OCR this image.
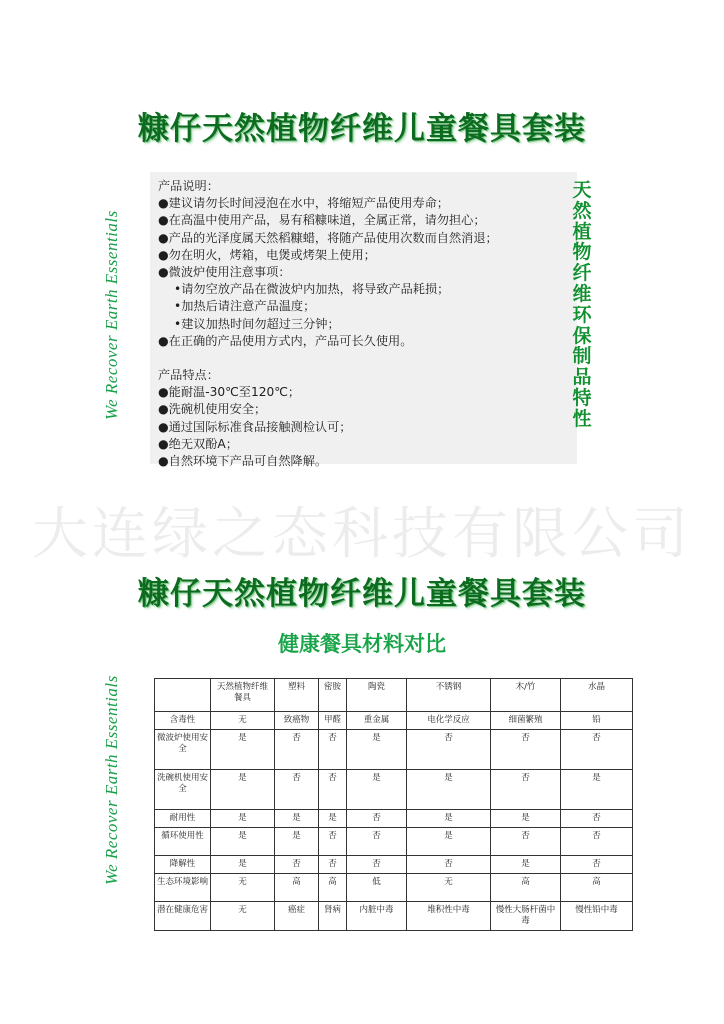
糠仔天然植物纤维儿童餐具套装
We Recover Earth Essentials
产品说明：
●建议请勿长时间浸泡在水中，将缩短产品使用寿命；
●在高温中使用产品，易有稻糠味道，全属正常，请勿担心；
●产品的光泽度属天然稻糠蜡，将随产品使用次数而自然消退；
●勿在明火，烤箱，电煲或烤架上使用；
●微波炉使用注意事项：
•请勿空放产品在微波炉内加热，将导致产品耗损；
•加热后请注意产品温度；
•建议加热时间勿超过三分钟；
●在正确的产品使用方式内，产品可长久使用。
产品特点：
●能耐温-30℃至120℃；
●洗碗机使用安全；
●通过国际标准食品接触测检认可；
●绝无双酚A；
●自然环境下产品可自然降解。
天然植物纤维环保制品特性
大连绿之态科技有限公司
糠仔天然植物纤维儿童餐具套装
We Recover Earth Essentials
健康餐具材料对比
	天然植物纤维餐具	塑料	密胺	陶瓷	不锈钢	木/竹	水晶
含毒性	无	致癌物	甲醛	重金属	电化学反应	细菌繁殖	铅
微波炉使用安全	是	否	否	是	否	否	否
洗碗机使用安全	是	否	否	是	是	否	是
耐用性	是	是	是	否	是	是	否
循环使用性	是	是	否	否	是	否	否
降解性	是	否	否	否	否	是	否
生态环境影响	无	高	高	低	无	高	高
潜在健康危害	无	癌症	肾病	内脏中毒	堆积性中毒	慢性大肠杆菌中毒	慢性铅中毒
